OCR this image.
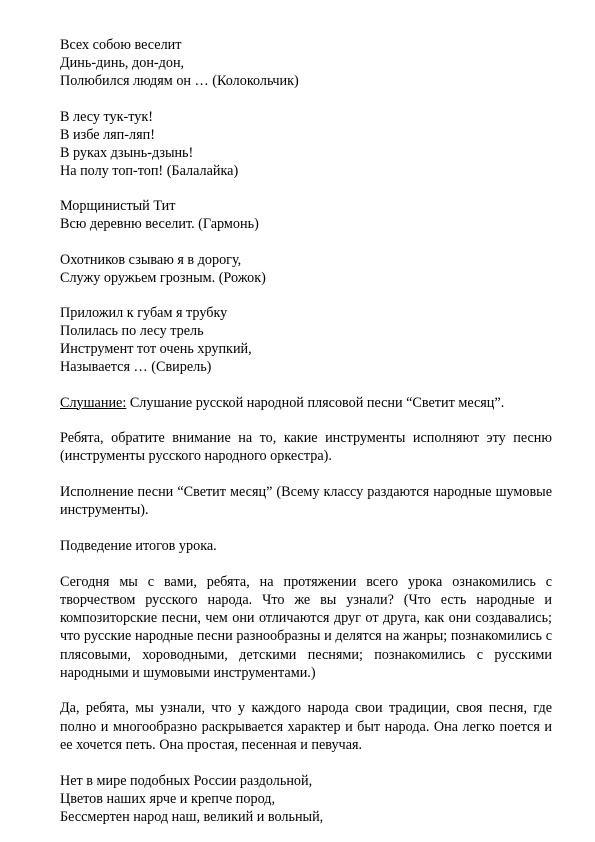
Всех собою веселит
Динь-динь, дон-дон,
Полюбился людям он … (Колокольчик)
В лесу тук-тук!
В избе ляп-ляп!
В руках дзынь-дзынь!
На полу топ-топ! (Балалайка)
Морщинистый Тит
Всю деревню веселит. (Гармонь)
Охотников сзываю я в дорогу,
Служу оружьем грозным. (Рожок)
Приложил к губам я трубку
Полилась по лесу трель
Инструмент тот очень хрупкий,
Называется … (Свирель)

Слушание: Слушание русской народной плясовой песни “Светит месяц”.

Ребята, обратите внимание на то, какие инструменты исполняют эту песню (инструменты русского народного оркестра).

Исполнение песни “Светит месяц” (Всему классу раздаются народные шумовые инструменты).

Подведение итогов урока.

Сегодня мы с вами, ребята, на протяжении всего урока ознакомились с творчеством русского народа. Что же вы узнали? (Что есть народные и композиторские песни, чем они отличаются друг от друга, как они создавались; что русские народные песни разнообразны и делятся на жанры; познакомились с плясовыми, хороводными, детскими песнями; познакомились с русскими народными и шумовыми инструментами.)

Да, ребята, мы узнали, что у каждого народа свои традиции, своя песня, где полно и многообразно раскрывается характер и быт народа. Она легко поется и ее хочется петь. Она простая, песенная и певучая.

Нет в мире подобных России раздольной,
Цветов наших ярче и крепче пород,
Бессмертен народ наш, великий и вольный,
